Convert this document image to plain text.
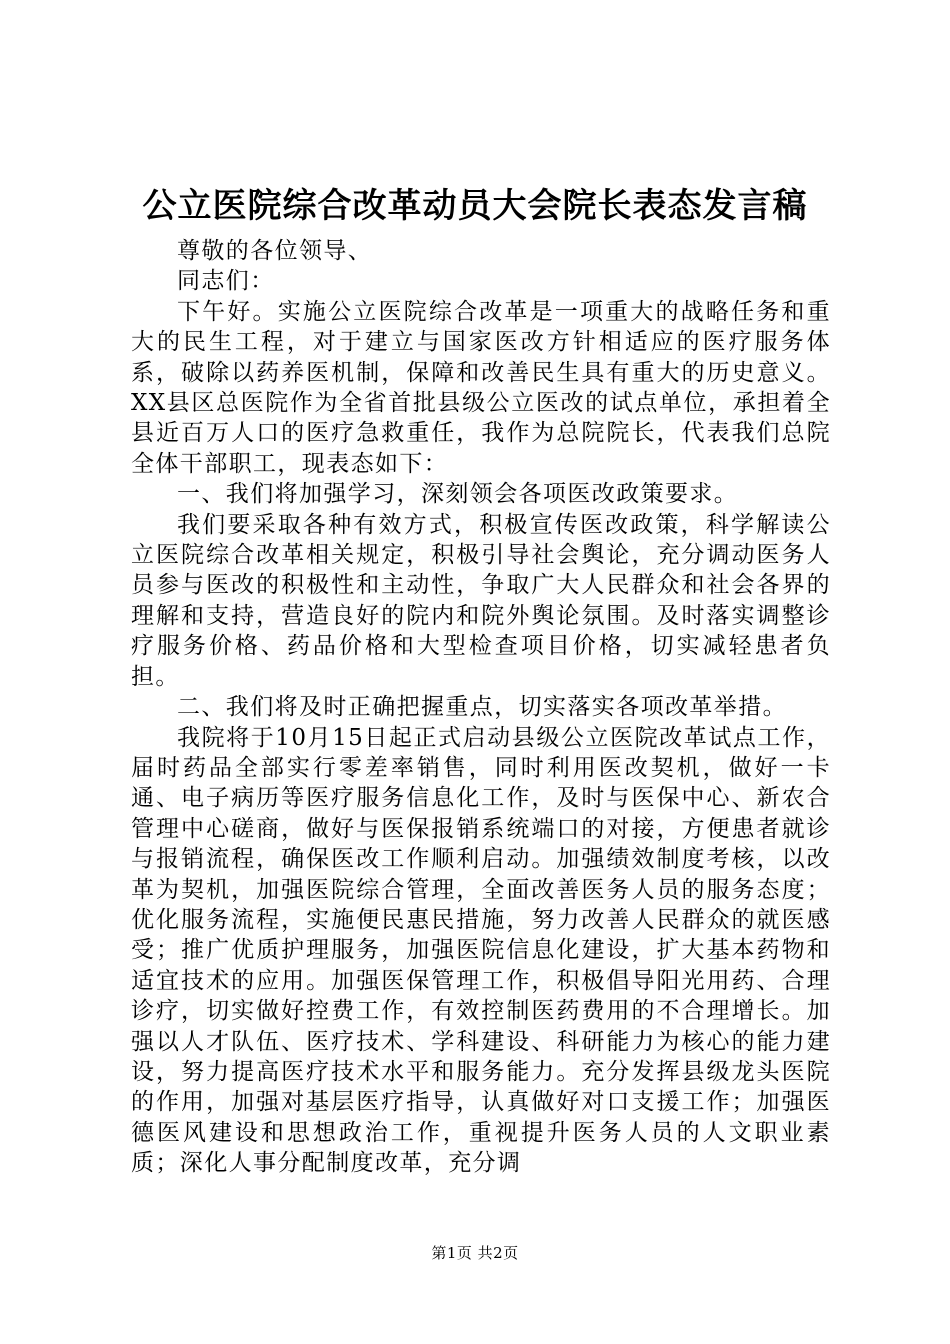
公立医院综合改革动员大会院长表态发言稿

尊敬的各位领导、

同志们：

下午好。实施公立医院综合改革是一项重大的战略任务和重大的民生工程，对于建立与国家医改方针相适应的医疗服务体系，破除以药养医机制，保障和改善民生具有重大的历史意义。XX县区总医院作为全省首批县级公立医改的试点单位，承担着全县近百万人口的医疗急救重任，我作为总院院长，代表我们总院全体干部职工，现表态如下：

一、我们将加强学习，深刻领会各项医改政策要求。

我们要采取各种有效方式，积极宣传医改政策，科学解读公立医院综合改革相关规定，积极引导社会舆论，充分调动医务人员参与医改的积极性和主动性，争取广大人民群众和社会各界的理解和支持，营造良好的院内和院外舆论氛围。及时落实调整诊疗服务价格、药品价格和大型检查项目价格，切实减轻患者负担。

二、我们将及时正确把握重点，切实落实各项改革举措。

我院将于10月15日起正式启动县级公立医院改革试点工作，届时药品全部实行零差率销售，同时利用医改契机，做好一卡通、电子病历等医疗服务信息化工作，及时与医保中心、新农合管理中心磋商，做好与医保报销系统端口的对接，方便患者就诊与报销流程，确保医改工作顺利启动。加强绩效制度考核，以改革为契机，加强医院综合管理，全面改善医务人员的服务态度；优化服务流程，实施便民惠民措施，努力改善人民群众的就医感受；推广优质护理服务，加强医院信息化建设，扩大基本药物和适宜技术的应用。加强医保管理工作，积极倡导阳光用药、合理诊疗，切实做好控费工作，有效控制医药费用的不合理增长。加强以人才队伍、医疗技术、学科建设、科研能力为核心的能力建设，努力提高医疗技术水平和服务能力。充分发挥县级龙头医院的作用，加强对基层医疗指导，认真做好对口支援工作；加强医德医风建设和思想政治工作，重视提升医务人员的人文职业素质；深化人事分配制度改革，充分调

第1页 共2页
